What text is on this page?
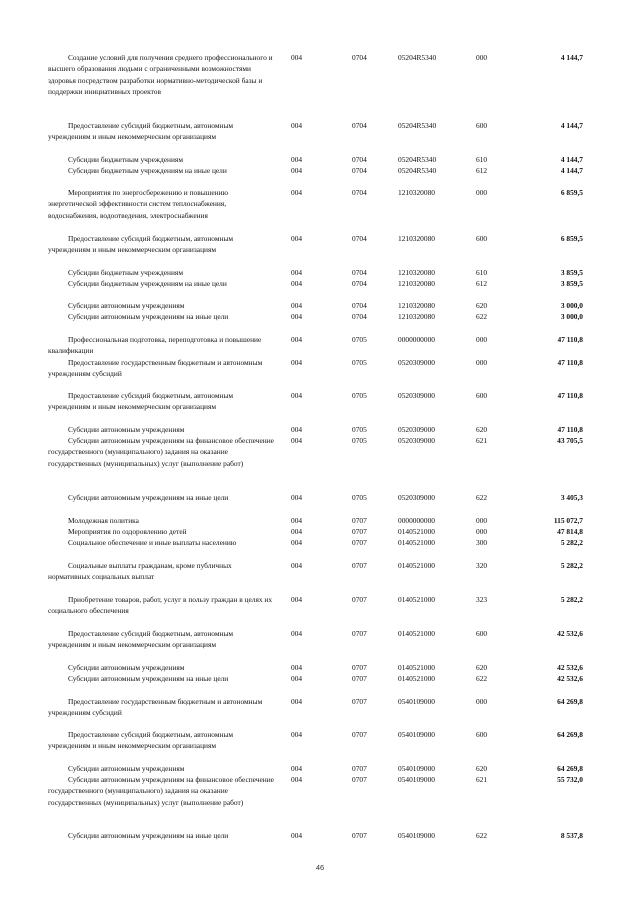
Создание условий для получения среднего профессионального и высшего образования людьми с ограниченными возможностями здоровья посредством разработки нормативно-методической базы и поддержки инициативных проектов
004	0704	05204R5340	000	4 144,7
Предоставление субсидий бюджетным, автономным учреждениям и иным некоммерческим организациям
004	0704	05204R5340	600	4 144,7
Субсидии бюджетным учреждениям	004	0704	05204R5340	610	4 144,7
Субсидии бюджетным учреждениям на иные цели	004	0704	05204R5340	612	4 144,7
Мероприятия по энергосбережению и повышению энергетической эффективности систем теплоснабжения, водоснабжения, водоотведения, электроснабжения
004	0704	1210320080	000	6 859,5
Предоставление субсидий бюджетным, автономным учреждениям и иным некоммерческим организациям
004	0704	1210320080	600	6 859,5
Субсидии бюджетным учреждениям	004	0704	1210320080	610	3 859,5
Субсидии бюджетным учреждениям на иные цели	004	0704	1210320080	612	3 859,5
Субсидии автономным учреждениям	004	0704	1210320080	620	3 000,0
Субсидии автономным учреждениям на иные цели	004	0704	1210320080	622	3 000,0
Профессиональная подготовка, переподготовка и повышение квалификации
004	0705	0000000000	000	47 110,8
Предоставление государственным бюджетным и автономным учреждениям субсидий
004	0705	0520309000	000	47 110,8
Предоставление субсидий бюджетным, автономным учреждениям и иным некоммерческим организациям
004	0705	0520309000	600	47 110,8
Субсидии автономным учреждениям	004	0705	0520309000	620	47 110,8
Субсидии автономным учреждениям на финансовое обеспечение государственного (муниципального) задания на оказание государственных (муниципальных) услуг (выполнение работ)
004	0705	0520309000	621	43 705,5
Субсидии автономным учреждениям на иные цели	004	0705	0520309000	622	3 405,3
Молодежная политика	004	0707	0000000000	000	115 072,7
Мероприятия по оздоровлению детей	004	0707	0140521000	000	47 814,8
Социальное обеспечение и иные выплаты населению	004	0707	0140521000	300	5 282,2
Социальные выплаты гражданам, кроме публичных нормативных социальных выплат
004	0707	0140521000	320	5 282,2
Приобретение товаров, работ, услуг в пользу граждан в целях их социального обеспечения
004	0707	0140521000	323	5 282,2
Предоставление субсидий бюджетным, автономным учреждениям и иным некоммерческим организациям
004	0707	0140521000	600	42 532,6
Субсидии автономным учреждениям	004	0707	0140521000	620	42 532,6
Субсидии автономным учреждениям на иные цели	004	0707	0140521000	622	42 532,6
Предоставление государственным бюджетным и автономным учреждениям субсидий
004	0707	0540109000	000	64 269,8
Предоставление субсидий бюджетным, автономным учреждениям и иным некоммерческим организациям
004	0707	0540109000	600	64 269,8
Субсидии автономным учреждениям	004	0707	0540109000	620	64 269,8
Субсидии автономным учреждениям на финансовое обеспечение государственного (муниципального) задания на оказание государственных (муниципальных) услуг (выполнение работ)
004	0707	0540109000	621	55 732,0
Субсидии автономным учреждениям на иные цели	004	0707	0540109000	622	8 537,8
46
